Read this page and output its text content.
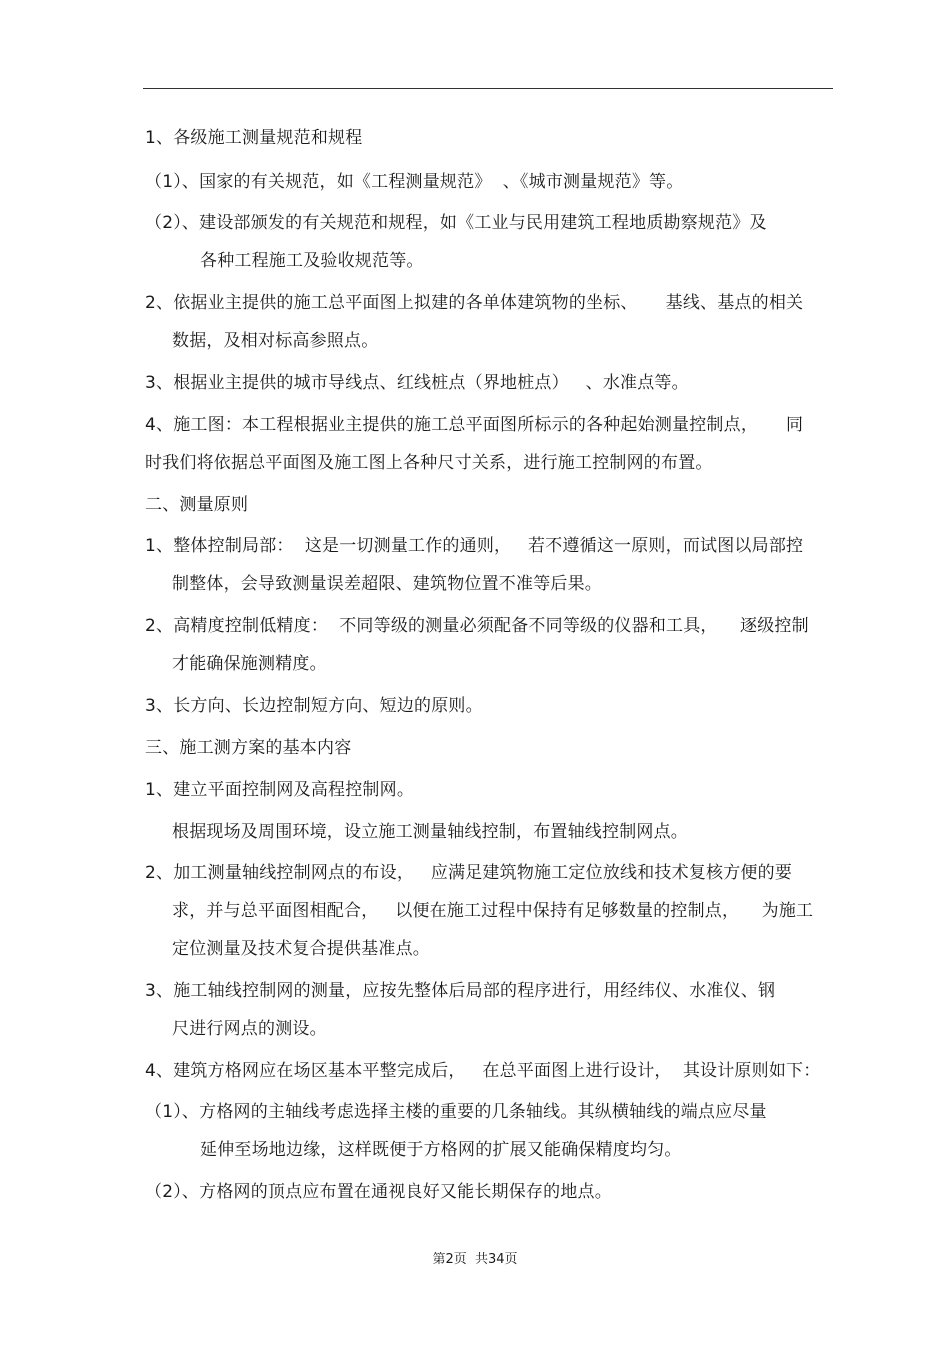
1、各级施工测量规范和规程
（1）、国家的有关规范，如《工程测量规范》  、《城市测量规范》等。
（2）、建设部颁发的有关规范和规程，如《工业与民用建筑工程地质勘察规范》及
各种工程施工及验收规范等。
2、依据业主提供的施工总平面图上拟建的各单体建筑物的坐标、     基线、基点的相关
数据，及相对标高参照点。
3、根据业主提供的城市导线点、红线桩点（界地桩点）   、水准点等。
4、施工图：本工程根据业主提供的施工总平面图所标示的各种起始测量控制点，     同
时我们将依据总平面图及施工图上各种尺寸关系，进行施工控制网的布置。
二、测量原则
1、整体控制局部：  这是一切测量工作的通则，   若不遵循这一原则，而试图以局部控
制整体，会导致测量误差超限、建筑物位置不准等后果。
2、高精度控制低精度：  不同等级的测量必须配备不同等级的仪器和工具，    逐级控制
才能确保施测精度。
3、长方向、长边控制短方向、短边的原则。
三、施工测方案的基本内容
1、建立平面控制网及高程控制网。
根据现场及周围环境，设立施工测量轴线控制，布置轴线控制网点。
2、加工测量轴线控制网点的布设，   应满足建筑物施工定位放线和技术复核方便的要
求，并与总平面图相配合，   以便在施工过程中保持有足够数量的控制点，    为施工
定位测量及技术复合提供基准点。
3、施工轴线控制网的测量，应按先整体后局部的程序进行，用经纬仪、水准仪、钢
尺进行网点的测设。
4、建筑方格网应在场区基本平整完成后，   在总平面图上进行设计，  其设计原则如下：
（1）、方格网的主轴线考虑选择主楼的重要的几条轴线。其纵横轴线的端点应尽量
延伸至场地边缘，这样既便于方格网的扩展又能确保精度均匀。
（2）、方格网的顶点应布置在通视良好又能长期保存的地点。
第2页  共34页
